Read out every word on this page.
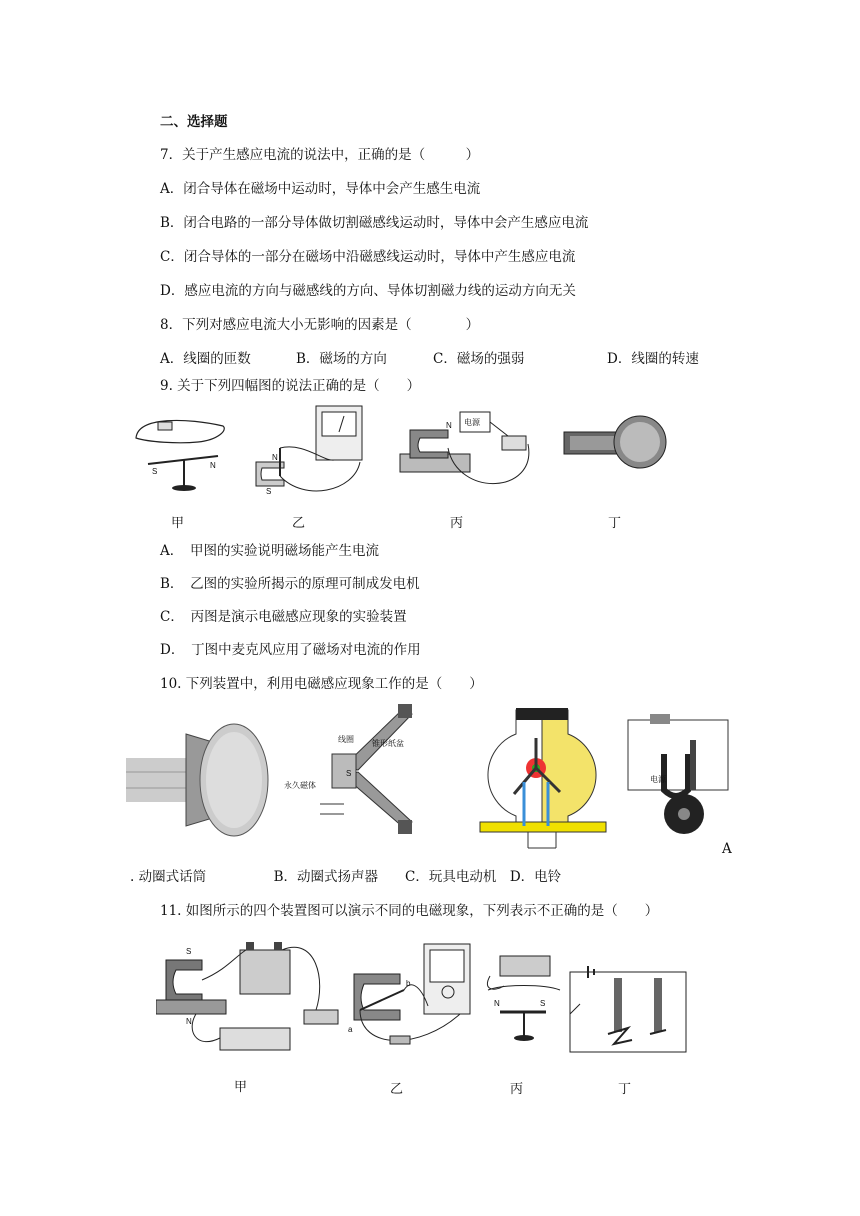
二、选择题
7．关于产生感应电流的说法中，正确的是（　　　）
A．闭合导体在磁场中运动时，导体中会产生感生电流
B．闭合电路的一部分导体做切割磁感线运动时，导体中会产生感应电流
C．闭合导体的一部分在磁场中沿磁感线运动时，导体中产生感应电流
D．感应电流的方向与磁感线的方向、导体切割磁力线的运动方向无关
8．下列对感应电流大小无影响的因素是（　　　　）
A．线圈的匝数	B．磁场的方向	C．磁场的强弱	D．线圈的转速
9. 关于下列四幅图的说法正确的是（　　）
S
N
N
S
电源
N
甲	乙	丙	丁
A．　甲图的实验说明磁场能产生电流
B．　乙图的实验所揭示的原理可制成发电机
C．　丙图是演示电磁感应现象的实验装置
D．　丁图中麦克风应用了磁场对电流的作用
10. 下列装置中，利用电磁感应现象工作的是（　　）
线圈 锥形纸盆
永久磁体
S
电源
A
. 动圈式话筒　　　　　B．动圈式扬声器　　C．玩具电动机　D．电铃
11. 如图所示的四个装置图可以演示不同的电磁现象，下列表示不正确的是（　　）
S
N
a
b
N	S
甲	乙	丙	丁
